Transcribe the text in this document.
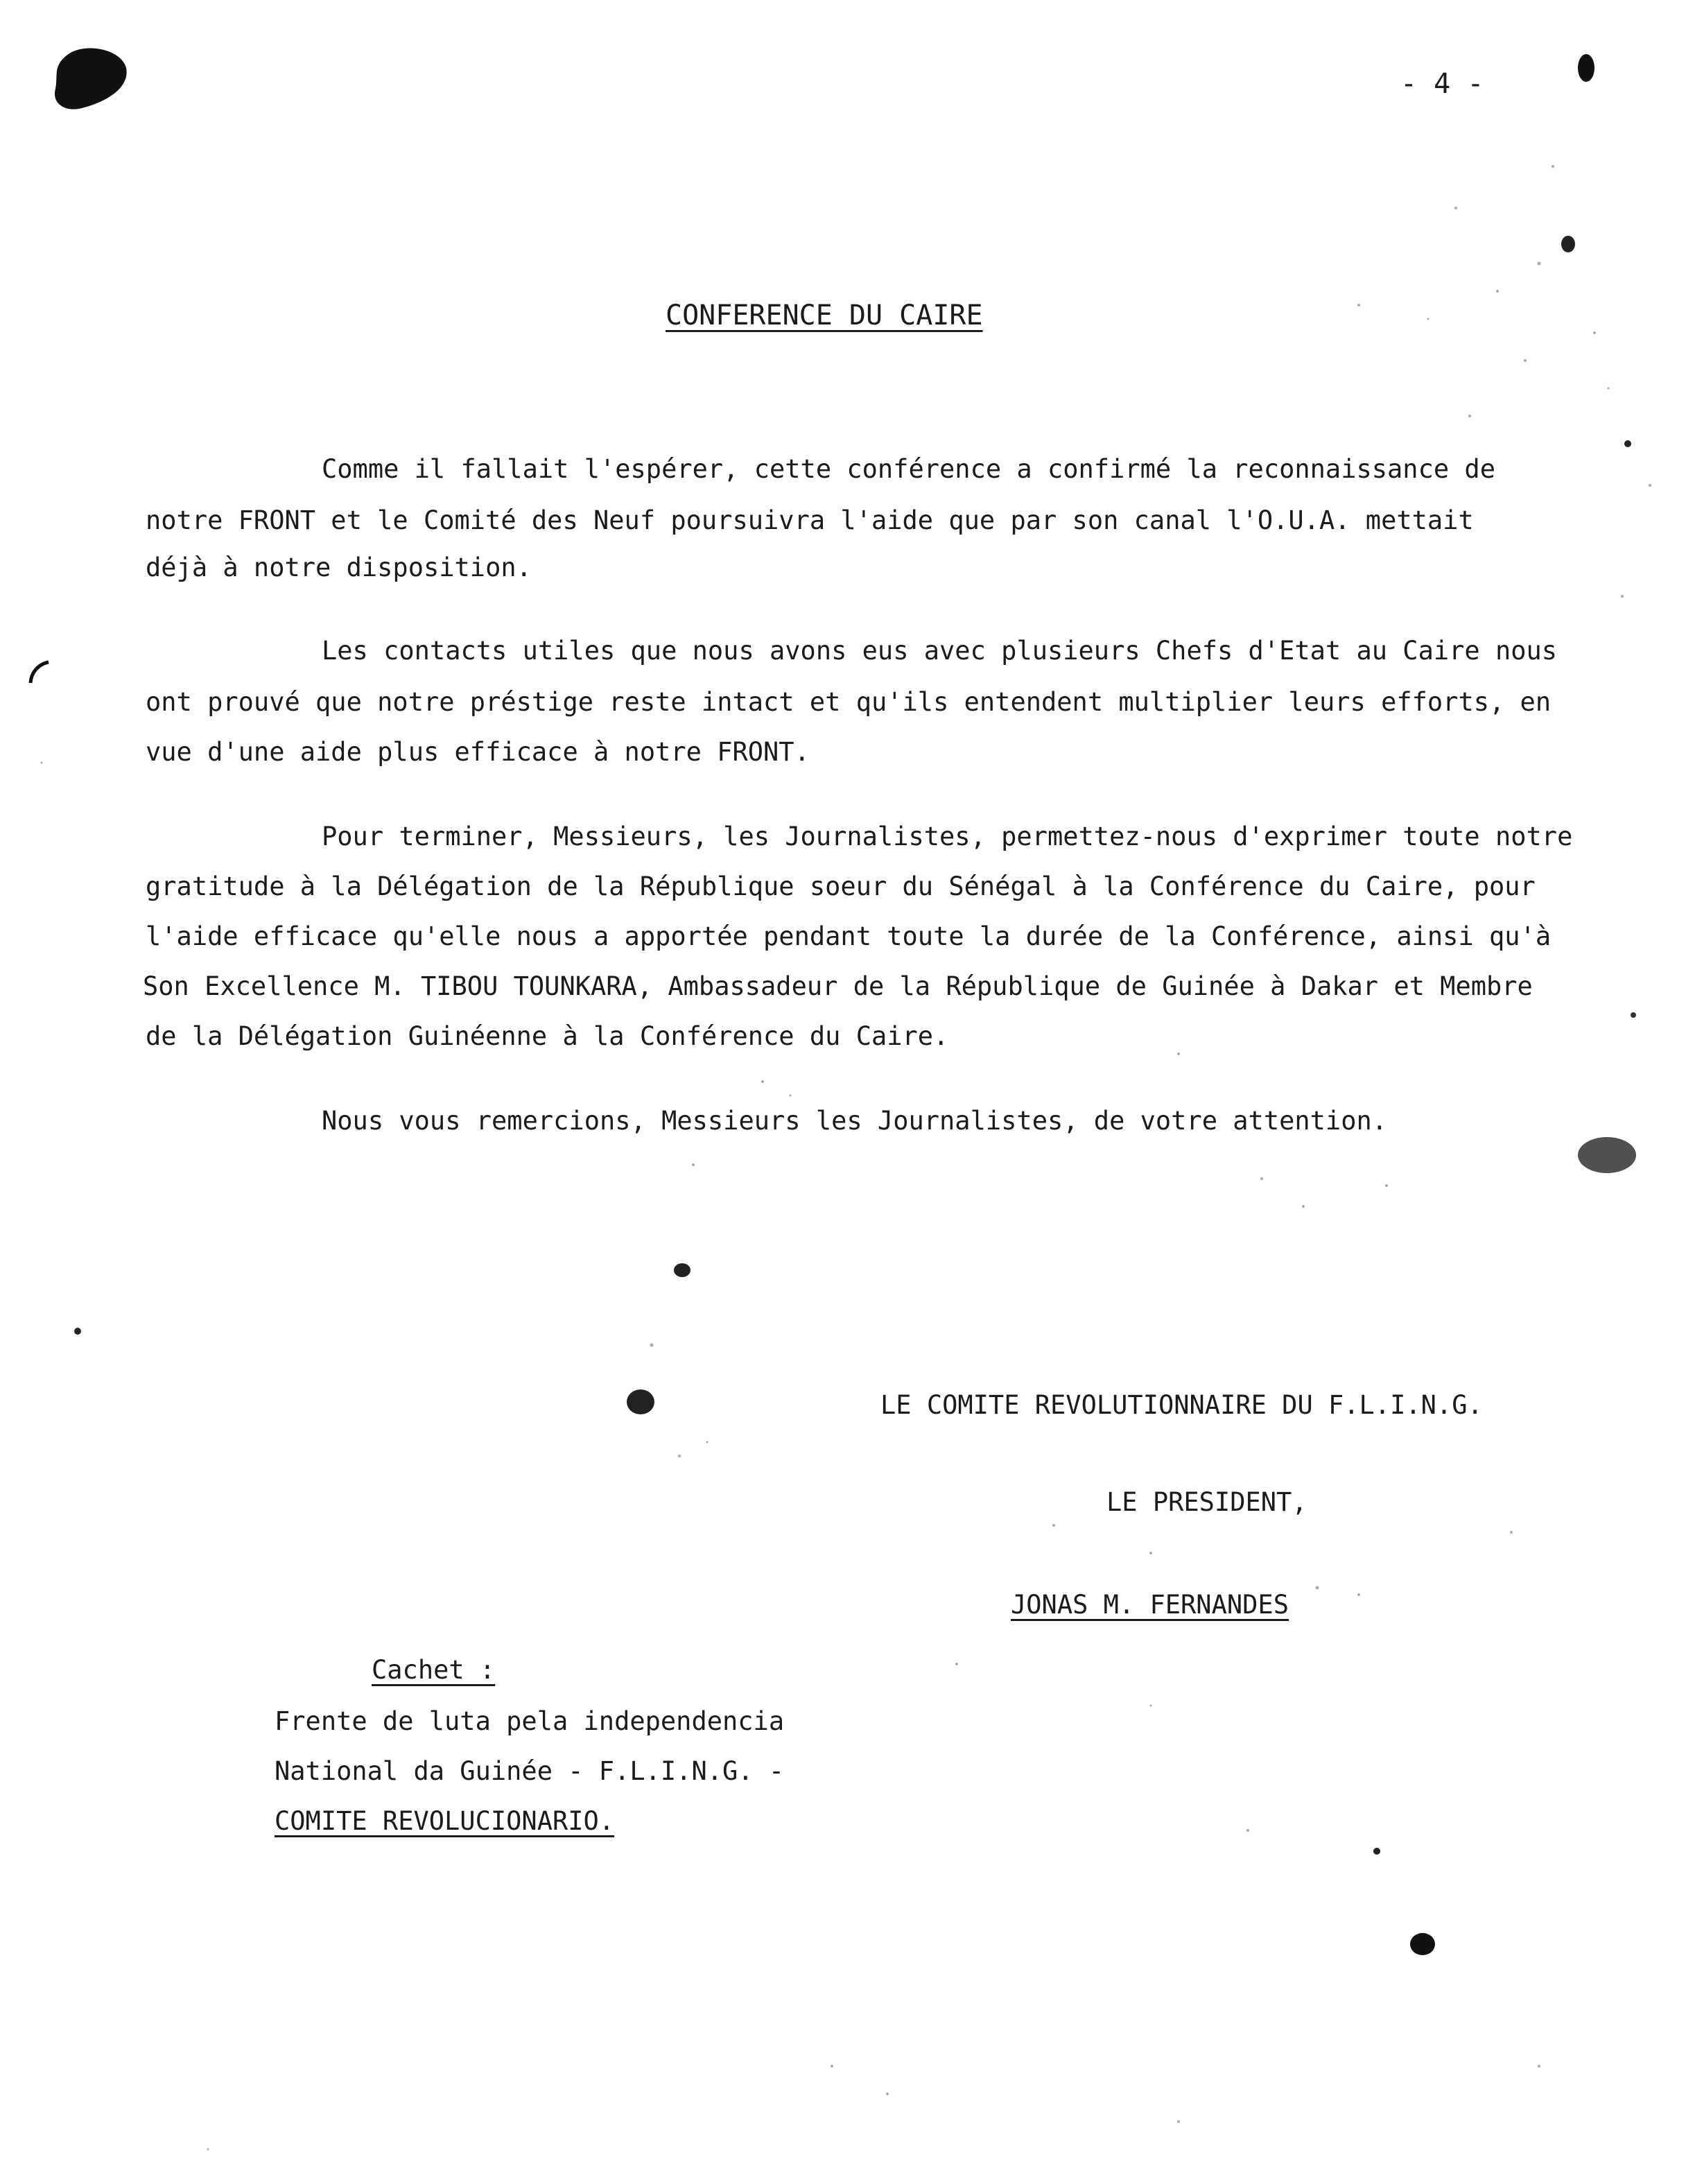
- 4 -
CONFERENCE DU CAIRE
Comme il fallait l'espérer, cette conférence a confirmé la reconnaissance de
notre FRONT et le Comité des Neuf poursuivra l'aide que par son canal l'O.U.A. mettait
déjà à notre disposition.
Les contacts utiles que nous avons eus avec plusieurs Chefs d'Etat au Caire nous
ont prouvé que notre préstige reste intact et qu'ils entendent multiplier leurs efforts, en
vue d'une aide plus efficace à notre FRONT.
Pour terminer, Messieurs, les Journalistes, permettez-nous d'exprimer toute notre
gratitude à la Délégation de la République soeur du Sénégal à la Conférence du Caire, pour
l'aide efficace qu'elle nous a apportée pendant toute la durée de la Conférence, ainsi qu'à
Son Excellence M. TIBOU TOUNKARA, Ambassadeur de la République de Guinée à Dakar et Membre
de la Délégation Guinéenne à la Conférence du Caire.
Nous vous remercions, Messieurs les Journalistes, de votre attention.
LE COMITE REVOLUTIONNAIRE DU F.L.I.N.G.
LE PRESIDENT,
JONAS M. FERNANDES
Cachet :
Frente de luta pela independencia
National da Guinée - F.L.I.N.G. -
COMITE REVOLUCIONARIO.
